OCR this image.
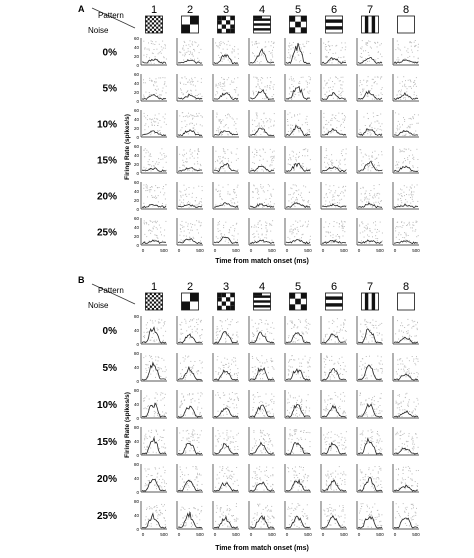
A
Pattern
Noise
Firing Rate (spikes/s)
Time from match onset (ms)
1	2	3	4	5	6	7	8
0%
0
20
40
60
5%
0
20
40
60
10%
0
20
40
60
15%
0
20
40
60
20%
0
20
40
60
25%
0
20
40
60
0	500 0	500 0	500 0	500 0	500 0	500 0	500 0	500
B
Pattern
Noise
Firing Rate (spikes/s)
Time from match onset (ms)
1	2	3	4	5	6	7	8
0%
0
40
80
5%
0
40
80
10%
0
40
80
15%
0
40
80
20%
0
40
80
25%
0
40
80
0	500 0	500 0	500 0	500 0	500 0	500 0	500 0	500
